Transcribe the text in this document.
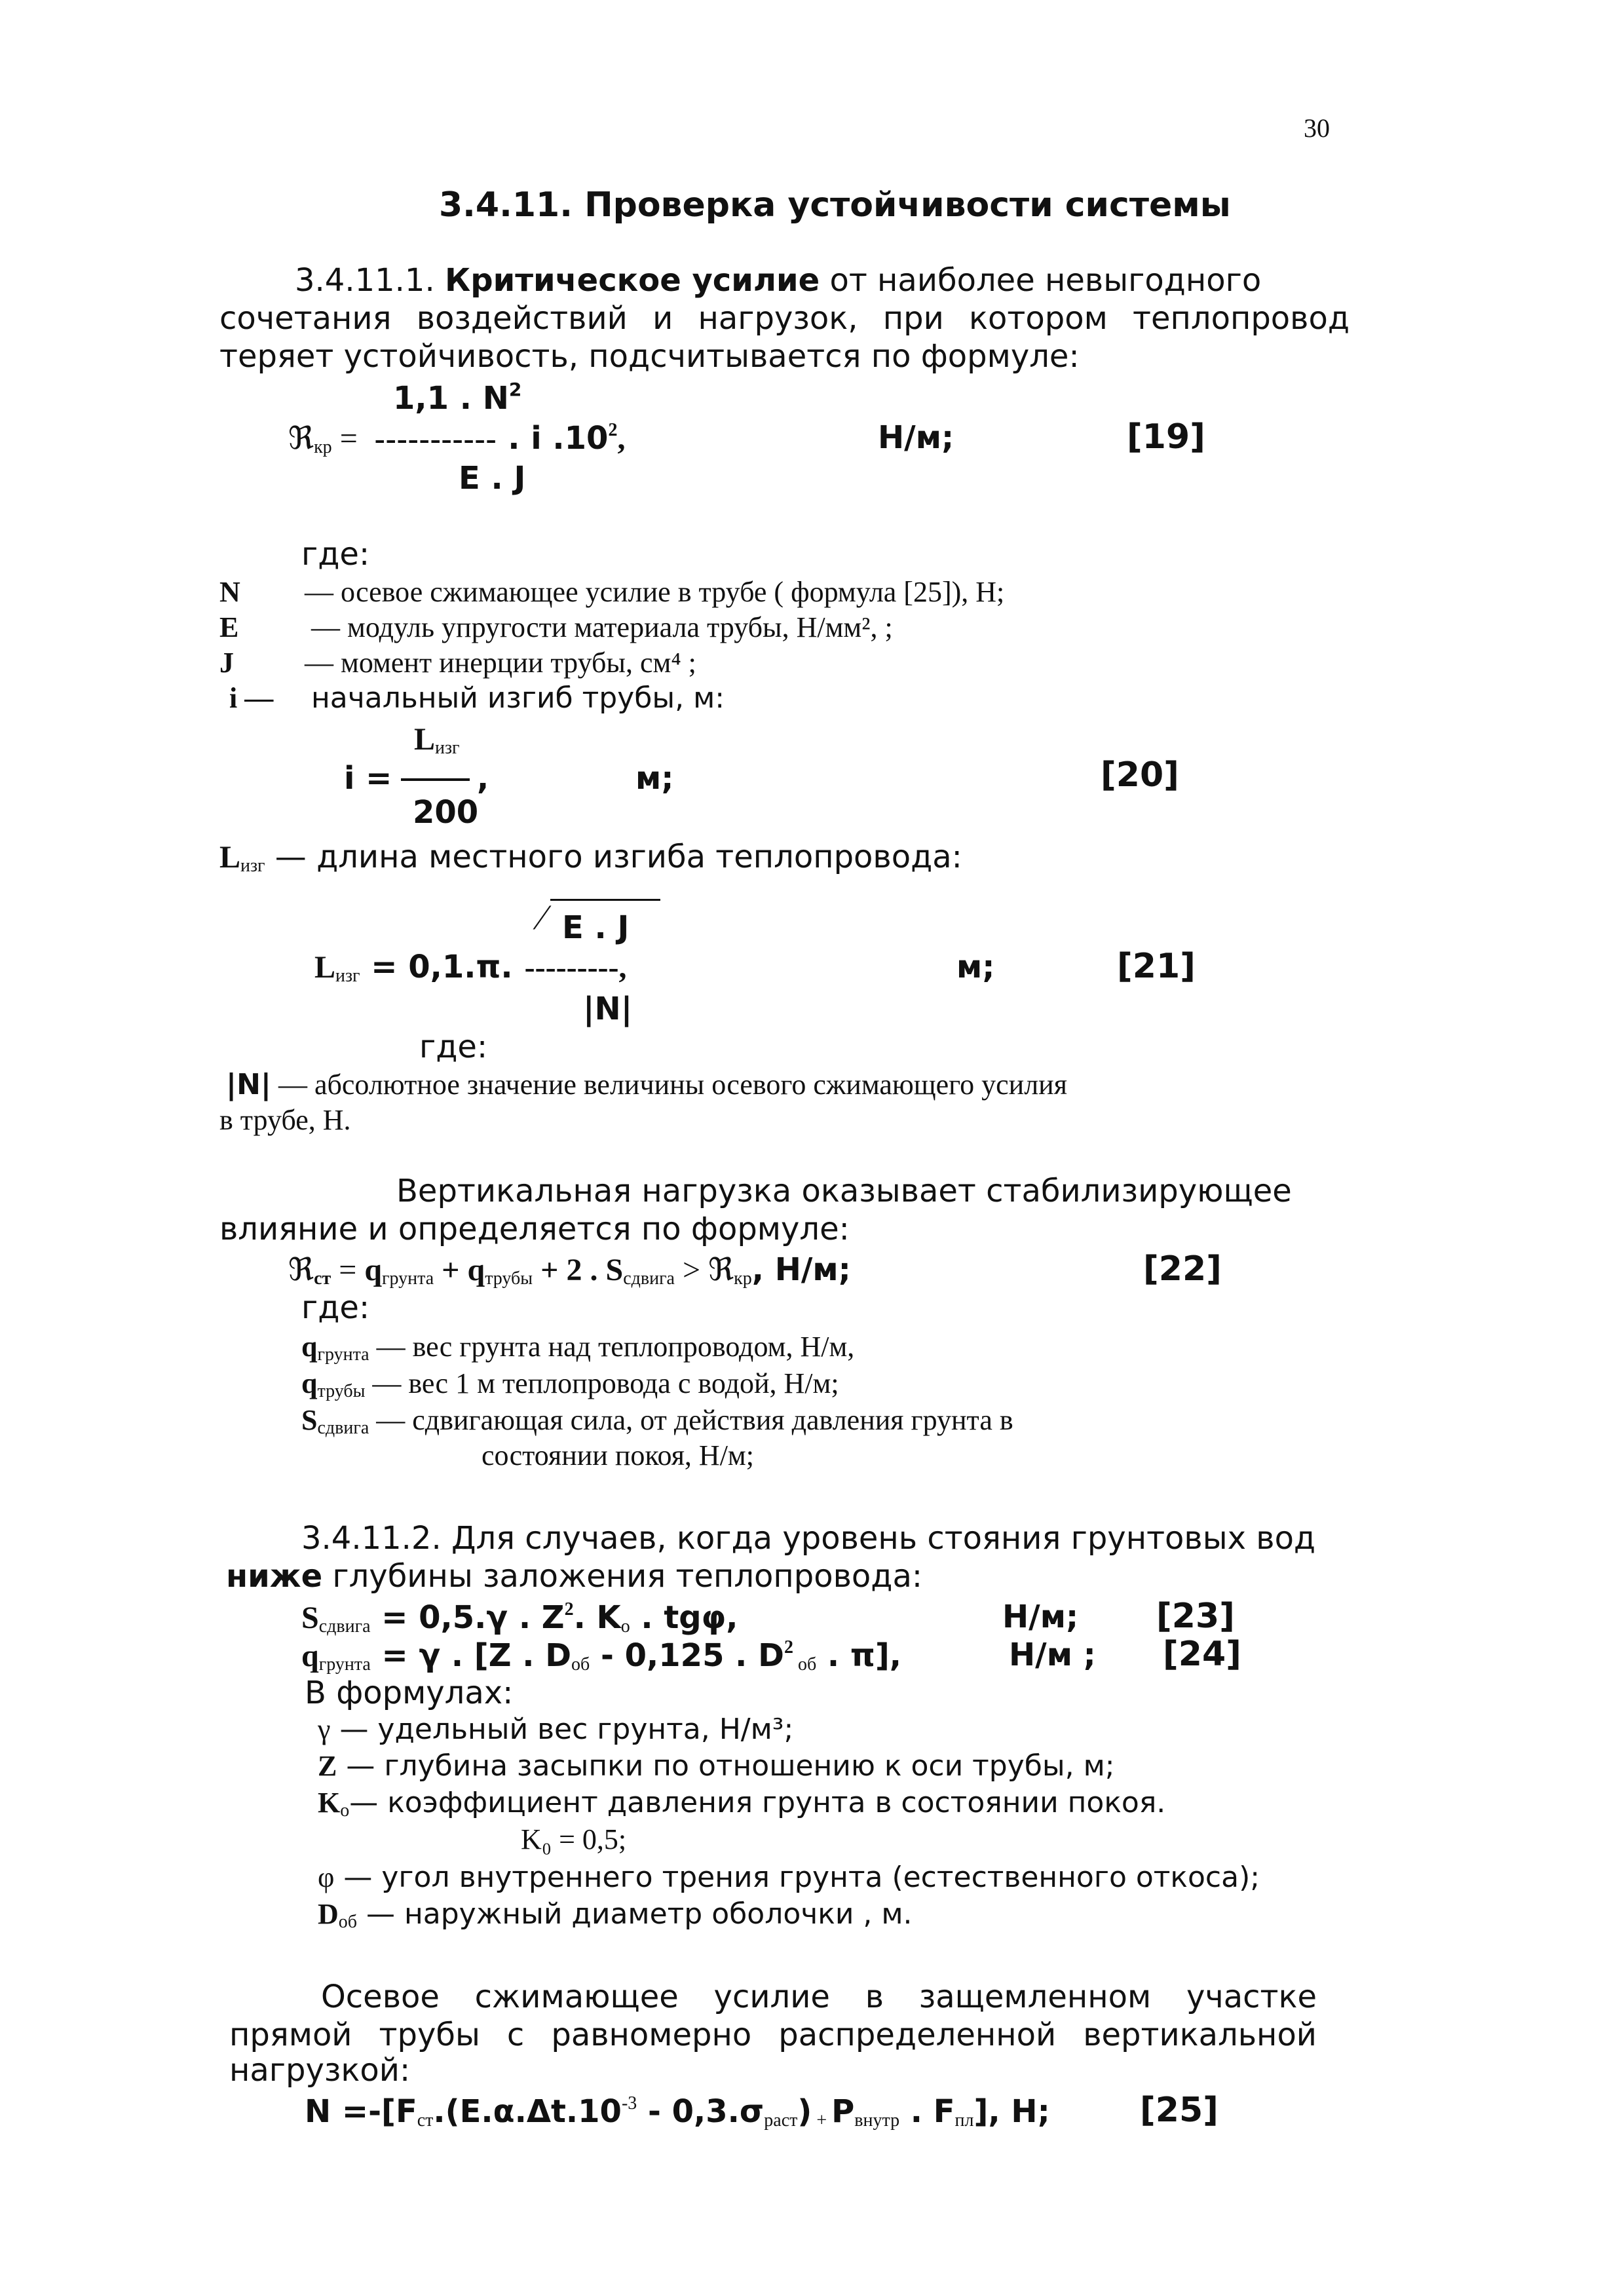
30
3.4.11. Проверка устойчивости системы
3.4.11.1. Критическое усилие от наиболее невыгодного
сочетания воздействий и нагрузок, при котором теплопровод
теряет устойчивость, подсчитывается по формуле:
1,1 . $N^2$
ℜ$_{кр}$ = ----------- . i $.10^2$,	Н/м;	[19]
E . J
где:
N — осевое сжимающее усилие в трубе ( формула [25]), Н;
E	— модуль упругости материала трубы, Н/мм², ;
J — момент инерции трубы, см⁴ ;
i — начальный изгиб трубы, м:
$L_{изг}$
i =	,	м;	[20]
200
$L_{изг}$ — длина местного изгиба теплопровода:
/ E . J
$L_{изг} = 0,1.\pi$. ---------,	м;	[21]
|N|
где:
|N| — абсолютное значение величины осевого сжимающего усилия
в трубе, Н.
Вертикальная нагрузка оказывает стабилизирующее
влияние и определяется по формуле:
ℜ$_{ст}$ = $q_{грунта} + q_{трубы} + 2$ . $S_{сдвига}$ > ℜ$_{кр}$, Н/м;	[22]
где:
$q_{грунта}$ — вес грунта над теплопроводом, Н/м,
$q_{трубы}$ — вес 1 м теплопровода с водой, Н/м;
$S_{сдвига}$ — сдвигающая сила, от действия давления грунта в
состоянии покоя, Н/м;
3.4.11.2. Для случаев, когда уровень стояния грунтовых вод
ниже глубины заложения теплопровода:
$S_{сдвига} = 0,5.\gamma$ . $Z^2$. $K_о$ . tgφ,	Н/м; [23]
$q_{грунта} = \gamma$ . [Z . $D_{об} - 0,125$ . $D^2$ $_{об}$ . π],	Н/м ; [24]
В формулах:
γ — удельный вес грунта, Н/м³;
Z — глубина засыпки по отношению к оси трубы, м;
$K_о—$ коэффициент давления грунта в состоянии покоя.
K₀ = 0,5;
φ — угол внутреннего трения грунта (естественного откоса);
$D_{об}$ — наружный диаметр оболочки , м.
Осевое сжимающее усилие в защемленном участке
прямой трубы с равномерно распределенной вертикальной
нагрузкой:
$N =-[F_{ст}.(E.\alpha.\Delta t.10^{-3} - 0,3.\sigma_{раст})$ $_+$ $P_{внутр}$ . $F_{пл}$], Н;	[25]
